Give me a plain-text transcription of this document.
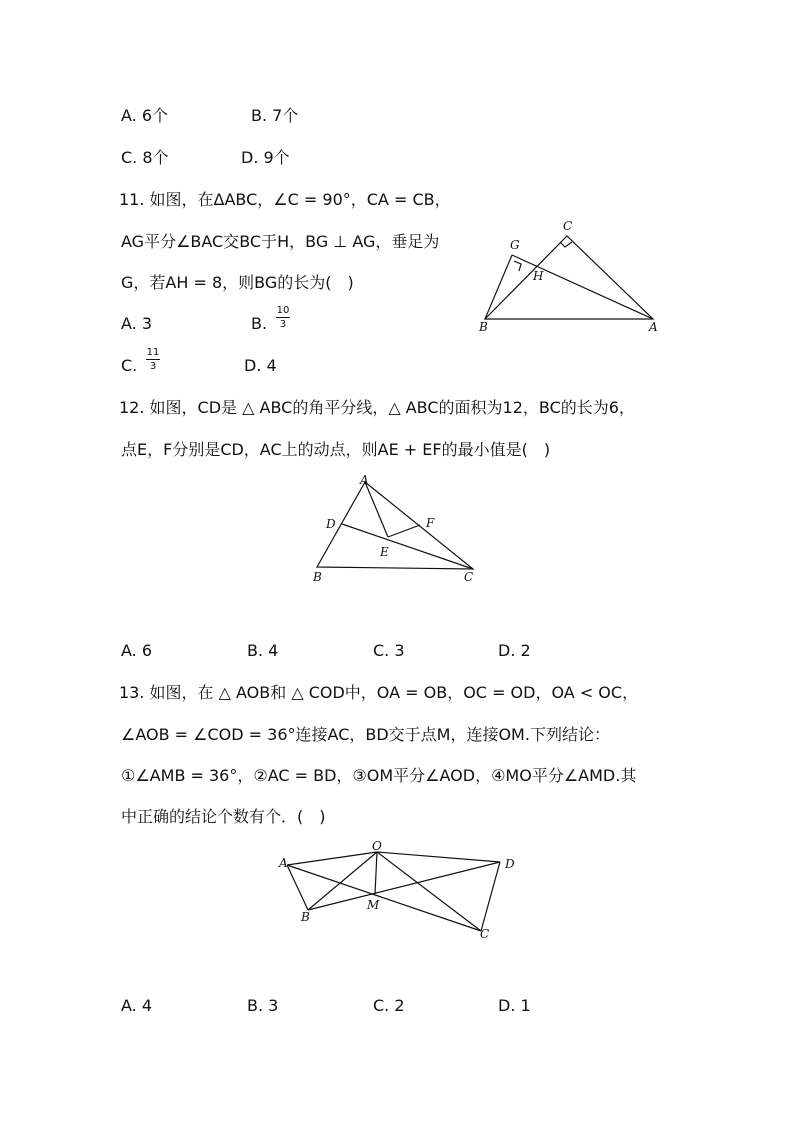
A. 6个	B. 7个
C. 8个	D. 9个
11. 如图，在ΔABC，∠C = 90°，CA = CB，
AG平分∠BAC交BC于H，BG ⊥ AG，垂足为
G，若AH = 8，则BG的长为(　)
A. 3	B.
10
3
C.
11
3	D. 4
C
G
H
B	A
12. 如图，CD是 △ ABC的角平分线，△ ABC的面积为12，BC的长为6，
点E，F分别是CD，AC上的动点，则AE + EF的最小值是(　)
A
D	F
E
B	C
A. 6	B. 4	C. 3	D. 2
13. 如图，在 △ AOB和 △ COD中，OA = OB，OC = OD，OA < OC，
∠AOB = ∠COD = 36°连接AC，BD交于点M，连接OM.下列结论：
①∠AMB = 36°，②AC = BD，③OM平分∠AOD，④MO平分∠AMD.其
中正确的结论个数有个．(　)
A
O
D
B
M
C
A. 4	B. 3	C. 2	D. 1
